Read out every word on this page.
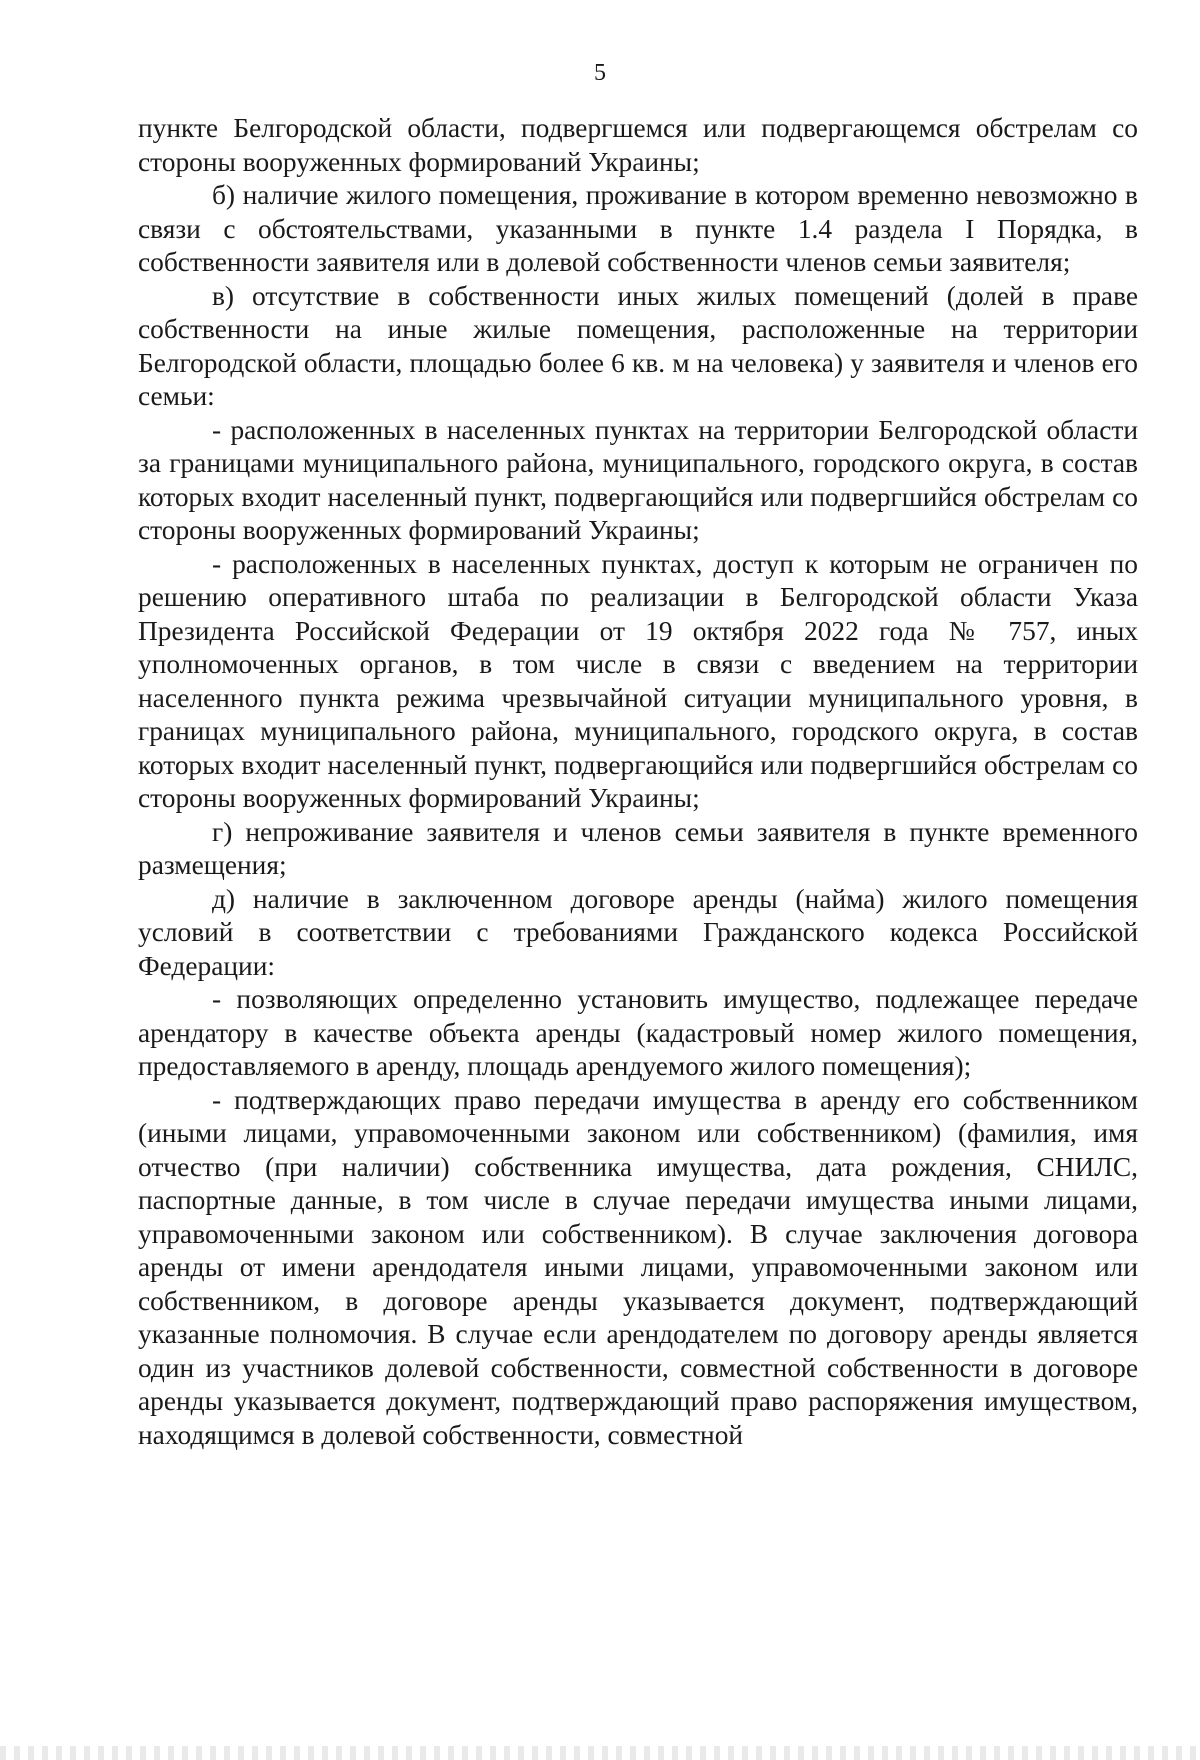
5

пункте Белгородской области, подвергшемся или подвергающемся обстрелам со стороны вооруженных формирований Украины;

б) наличие жилого помещения, проживание в котором временно невозможно в связи с обстоятельствами, указанными в пункте 1.4 раздела I Порядка, в собственности заявителя или в долевой собственности членов семьи заявителя;

в) отсутствие в собственности иных жилых помещений (долей в праве собственности на иные жилые помещения, расположенные на территории Белгородской области, площадью более 6 кв. м на человека) у заявителя и членов его семьи:

- расположенных в населенных пунктах на территории Белгородской области за границами муниципального района, муниципального, городского округа, в состав которых входит населенный пункт, подвергающийся или подвергшийся обстрелам со стороны вооруженных формирований Украины;

- расположенных в населенных пунктах, доступ к которым не ограничен по решению оперативного штаба по реализации в Белгородской области Указа Президента Российской Федерации от 19 октября 2022 года № 757, иных уполномоченных органов, в том числе в связи с введением на территории населенного пункта режима чрезвычайной ситуации муниципального уровня, в границах муниципального района, муниципального, городского округа, в состав которых входит населенный пункт, подвергающийся или подвергшийся обстрелам со стороны вооруженных формирований Украины;

г) непроживание заявителя и членов семьи заявителя в пункте временного размещения;

д) наличие в заключенном договоре аренды (найма) жилого помещения условий в соответствии с требованиями Гражданского кодекса Российской Федерации:

- позволяющих определенно установить имущество, подлежащее передаче арендатору в качестве объекта аренды (кадастровый номер жилого помещения, предоставляемого в аренду, площадь арендуемого жилого помещения);

- подтверждающих право передачи имущества в аренду его собственником (иными лицами, управомоченными законом или собственником) (фамилия, имя отчество (при наличии) собственника имущества, дата рождения, СНИЛС, паспортные данные, в том числе в случае передачи имущества иными лицами, управомоченными законом или собственником). В случае заключения договора аренды от имени арендодателя иными лицами, управомоченными законом или собственником, в договоре аренды указывается документ, подтверждающий указанные полномочия. В случае если арендодателем по договору аренды является один из участников долевой собственности, совместной собственности в договоре аренды указывается документ, подтверждающий право распоряжения имуществом, находящимся в долевой собственности, совместной
